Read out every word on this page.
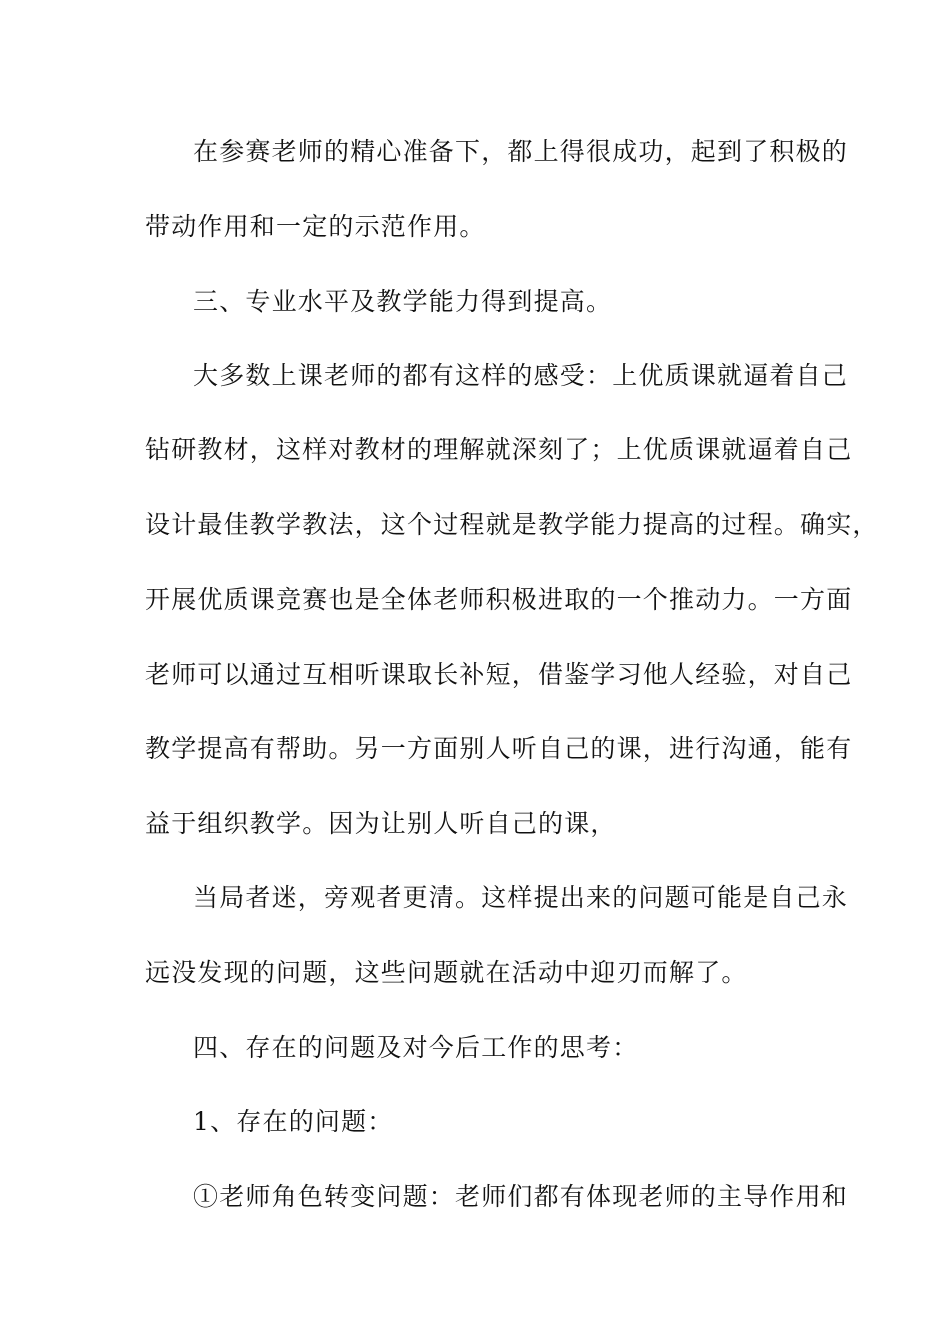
在参赛老师的精心准备下，都上得很成功，起到了积极的
带动作用和一定的示范作用。
三、专业水平及教学能力得到提高。
大多数上课老师的都有这样的感受：上优质课就逼着自己
钻研教材，这样对教材的理解就深刻了；上优质课就逼着自己
设计最佳教学教法，这个过程就是教学能力提高的过程。确实，
开展优质课竞赛也是全体老师积极进取的一个推动力。一方面
老师可以通过互相听课取长补短，借鉴学习他人经验，对自己
教学提高有帮助。另一方面别人听自己的课，进行沟通，能有
益于组织教学。因为让别人听自己的课，
当局者迷，旁观者更清。这样提出来的问题可能是自己永
远没发现的问题，这些问题就在活动中迎刃而解了。
四、存在的问题及对今后工作的思考：
1、存在的问题：
①老师角色转变问题：老师们都有体现老师的主导作用和
